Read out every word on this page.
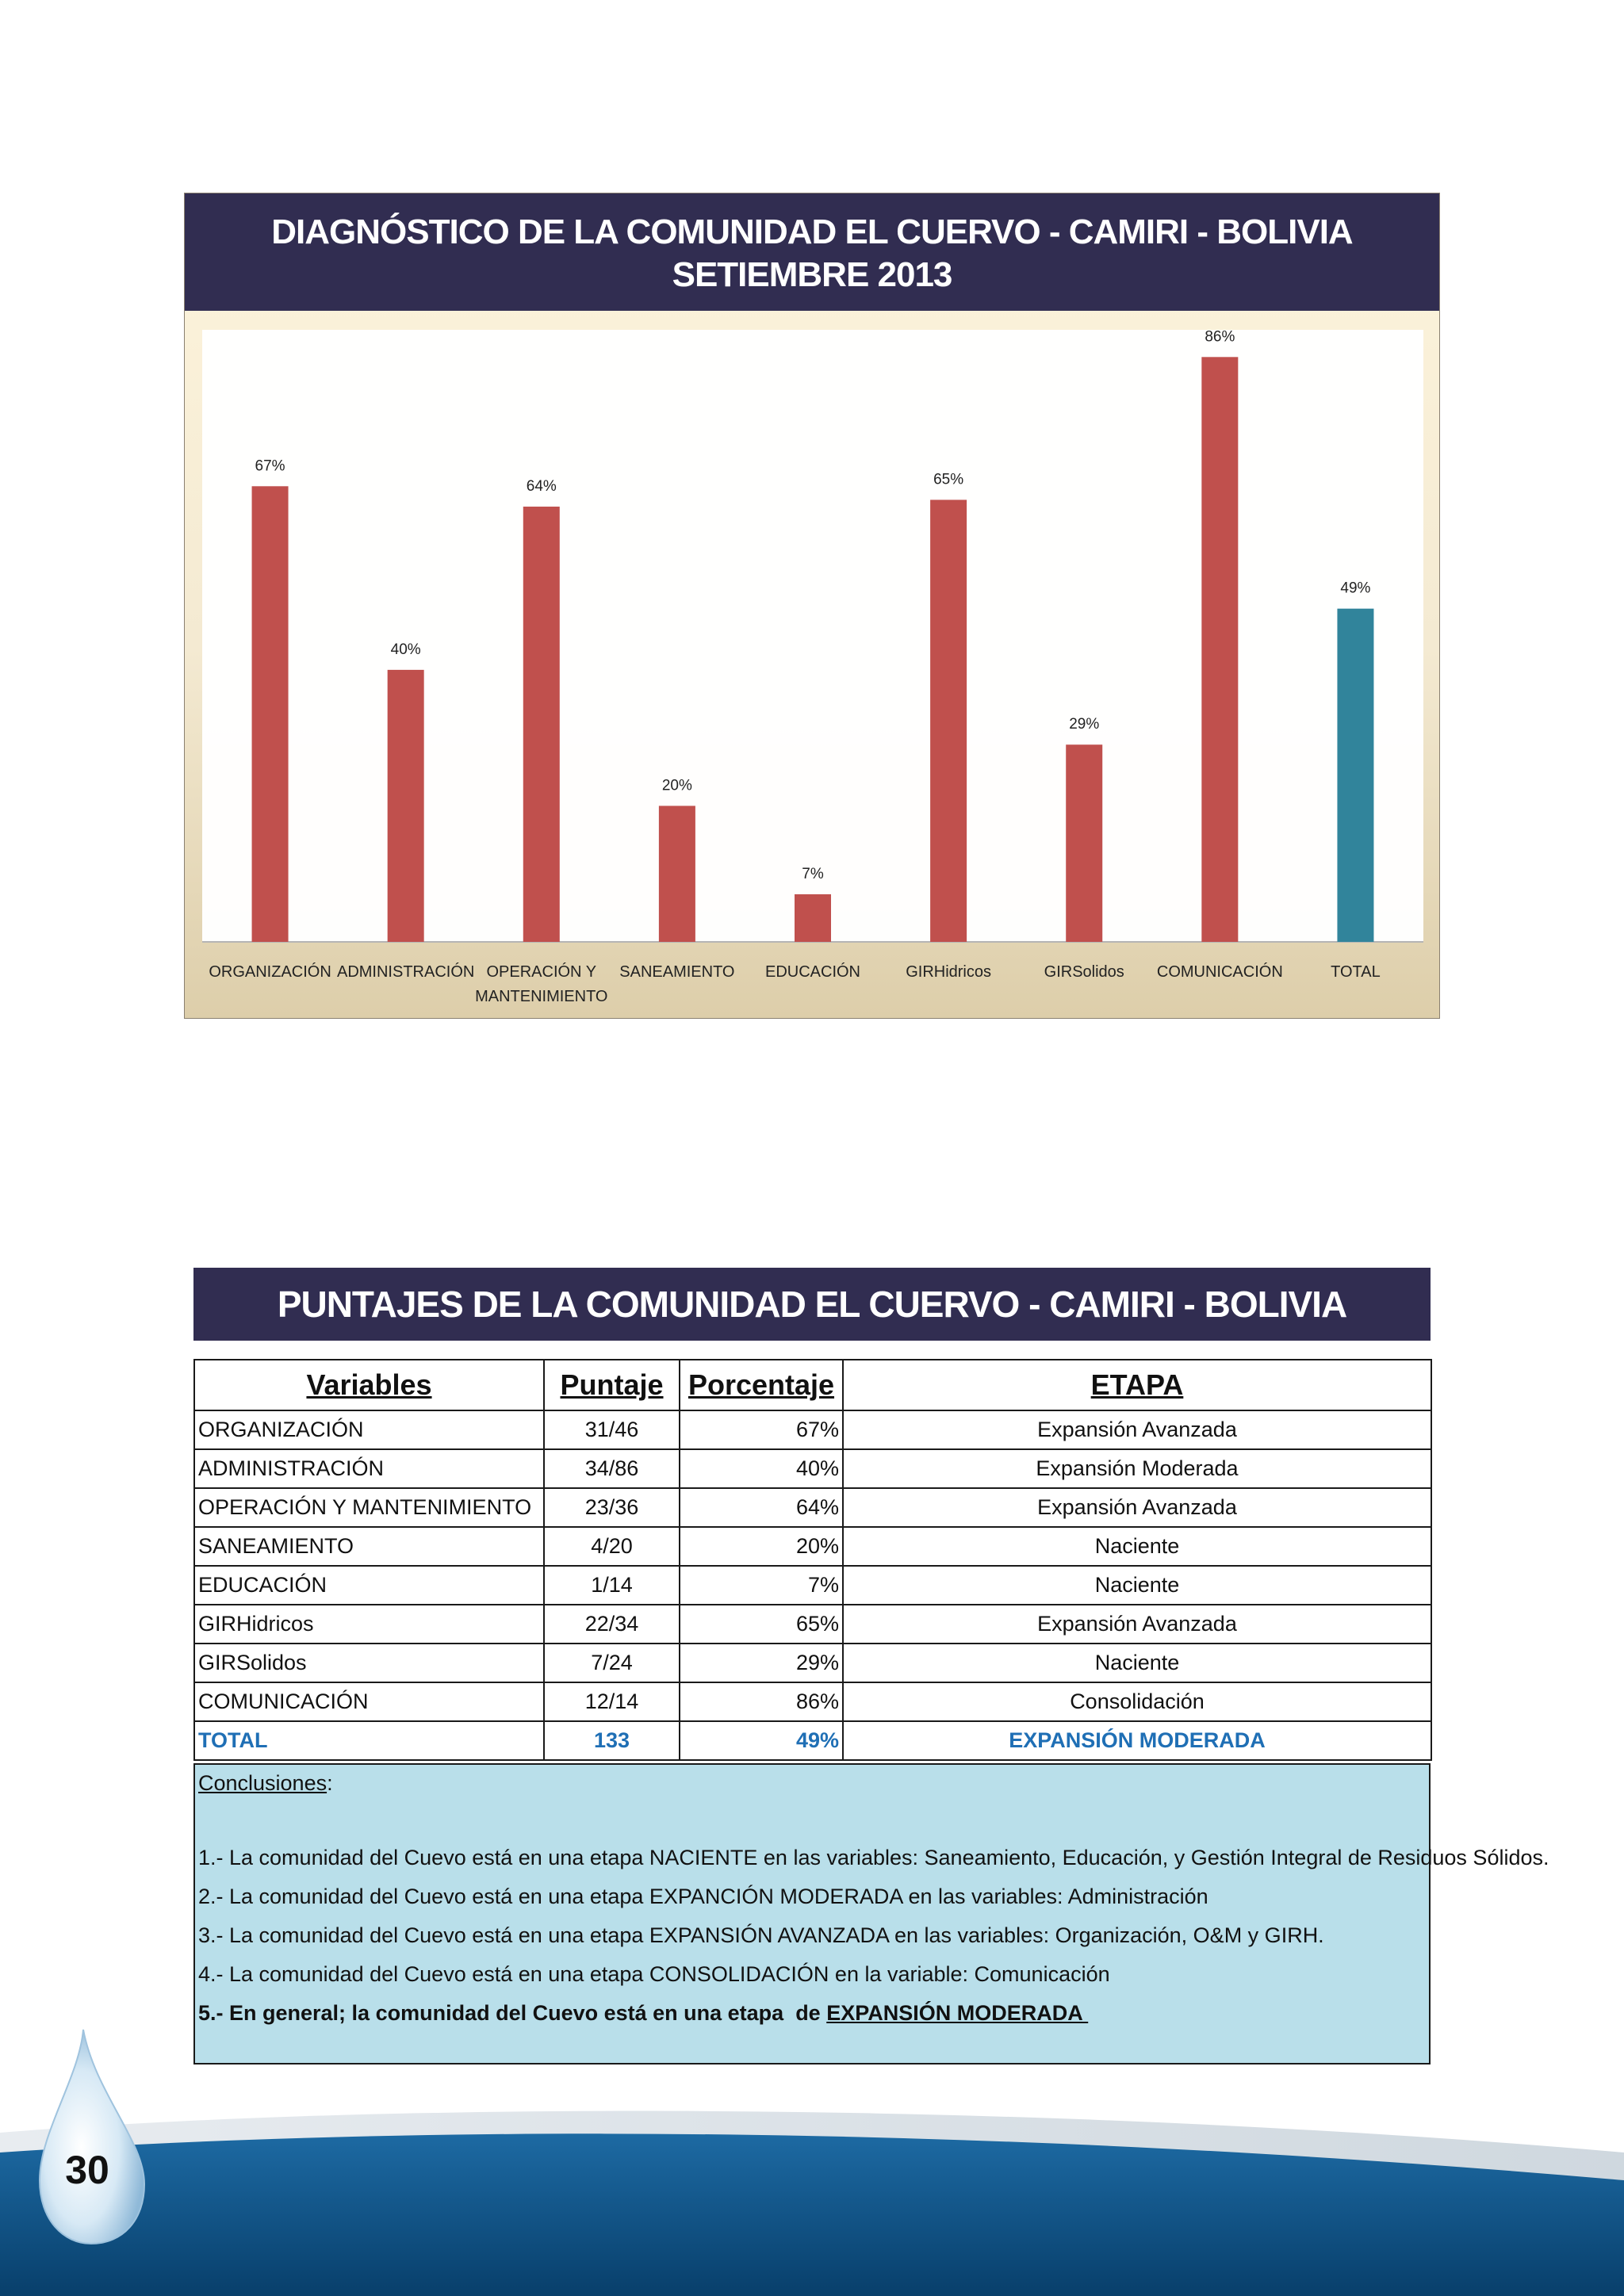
67%
ORGANIZACIÓN
40%
ADMINISTRACIÓN
64%
OPERACIÓN Y
MANTENIMIENTO
20%
SANEAMIENTO
7%
EDUCACIÓN
65%
GIRHidricos
29%
GIRSolidos
86%
COMUNICACIÓN
49%
TOTAL
DIAGNÓSTICO DE LA COMUNIDAD EL CUERVO - CAMIRI - BOLIVIA
SETIEMBRE 2013
PUNTAJES DE LA COMUNIDAD EL CUERVO - CAMIRI - BOLIVIA
Variables	Puntaje	Porcentaje	ETAPA
ORGANIZACIÓN	31/46	67%	Expansión Avanzada
ADMINISTRACIÓN	34/86	40%	Expansión Moderada
OPERACIÓN Y MANTENIMIENTO	23/36	64%	Expansión Avanzada
SANEAMIENTO	4/20	20%	Naciente
EDUCACIÓN	1/14	7%	Naciente
GIRHidricos	22/34	65%	Expansión Avanzada
GIRSolidos	7/24	29%	Naciente
COMUNICACIÓN	12/14	86%	Consolidación
TOTAL	133	49%	EXPANSIÓN MODERADA
Conclusiones:
1.- La comunidad del Cuevo está en una etapa NACIENTE en las variables: Saneamiento, Educación, y Gestión Integral de Residuos Sólidos.
2.- La comunidad del Cuevo está en una etapa EXPANCIÓN MODERADA en las variables: Administración
3.- La comunidad del Cuevo está en una etapa EXPANSIÓN AVANZADA en las variables: Organización, O&M y GIRH.
4.- La comunidad del Cuevo está en una etapa CONSOLIDACIÓN en la variable: Comunicación
5.- En general; la comunidad del Cuevo está en una etapa  de EXPANSIÓN MODERADA
30
